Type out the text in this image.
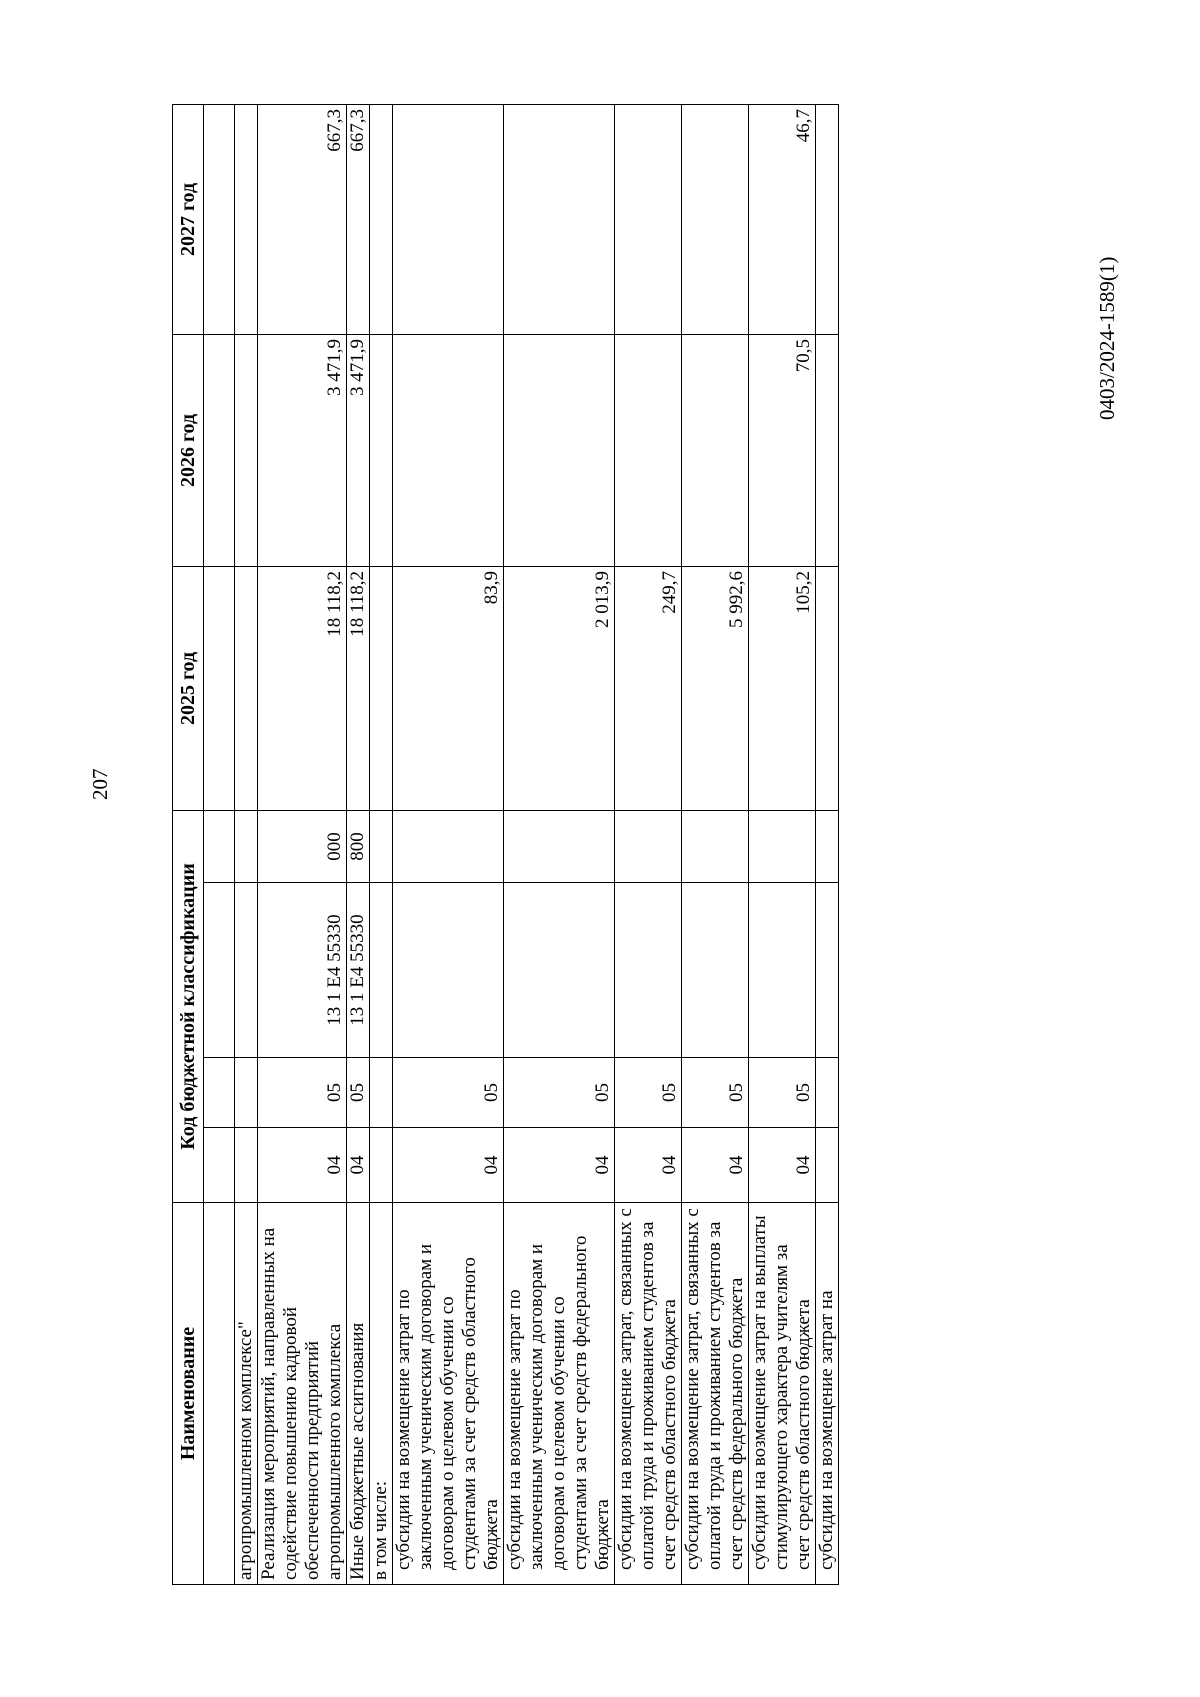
207
0403/2024-1589(1)
Наименование	Код бюджетной классификации				2025 год	2026 год	2027 год

агропромышленном комплексе"							
Реализация мероприятий, направленных на содействие повышению кадровой обеспеченности предприятий агропромышленного комплекса	04	05	13 1 E4 55330	000	18 118,2	3 471,9	667,3
Иные бюджетные ассигнования	04	05	13 1 E4 55330	800	18 118,2	3 471,9	667,3
в том числе:							
субсидии на возмещение затрат по заключенным ученическим договорам и договорам о целевом обучении со студентами за счет средств областного бюджета	04	05			83,9		
субсидии на возмещение затрат по заключенным ученическим договорам и договорам о целевом обучении со студентами за счет средств федерального бюджета	04	05			2 013,9		
субсидии на возмещение затрат, связанных с оплатой труда и проживанием студентов за счет средств областного бюджета	04	05			249,7		
субсидии на возмещение затрат, связанных с оплатой труда и проживанием студентов за счет средств федерального бюджета	04	05			5 992,6		
субсидии на возмещение затрат на выплаты стимулирующего характера учителям за счет средств областного бюджета	04	05			105,2	70,5	46,7
субсидии на возмещение затрат на							
